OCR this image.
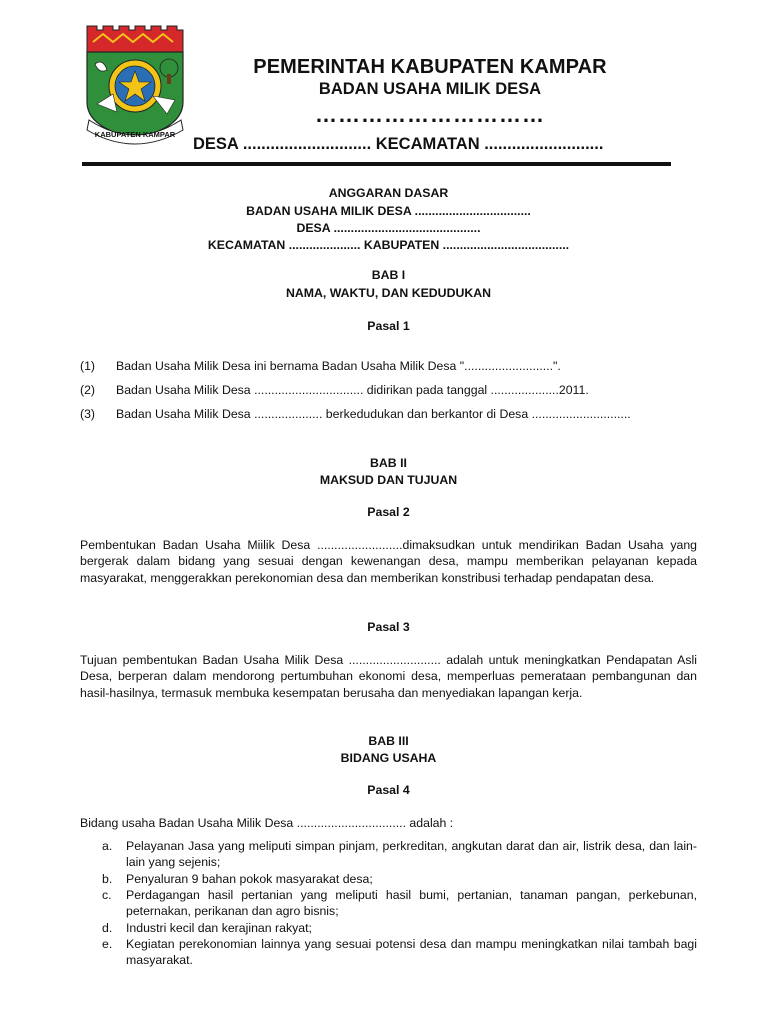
KABUPATEN KAMPAR
PEMERINTAH KABUPATEN KAMPAR
BADAN USAHA MILIK DESA
…………………………
DESA ............................ KECAMATAN ..........................
ANGGARAN DASAR
BADAN USAHA MILIK DESA ..................................
DESA ...........................................
KECAMATAN ..................... KABUPATEN .....................................
BAB I
NAMA, WAKTU, DAN KEDUDUKAN
Pasal 1
(1) Badan Usaha Milik Desa ini bernama Badan Usaha Milik Desa "..........................".
(2) Badan Usaha Milik Desa ................................ didirikan pada tanggal ....................2011.
(3) Badan Usaha Milik Desa .................... berkedudukan dan berkantor di Desa .............................
BAB II
MAKSUD DAN TUJUAN
Pasal 2

Pembentukan Badan Usaha Miilik Desa .........................dimaksudkan untuk mendirikan Badan Usaha yang bergerak dalam bidang yang sesuai dengan kewenangan desa, mampu memberikan pelayanan kepada masyarakat, menggerakkan perekonomian desa dan memberikan konstribusi terhadap pendapatan desa.

Pasal 3

Tujuan pembentukan Badan Usaha Milik Desa ........................... adalah untuk meningkatkan Pendapatan Asli Desa, berperan dalam mendorong pertumbuhan ekonomi desa, memperluas pemerataan pembangunan dan hasil-hasilnya, termasuk membuka kesempatan berusaha dan menyediakan lapangan kerja.

BAB III
BIDANG USAHA
Pasal 4
Bidang usaha Badan Usaha Milik Desa ................................ adalah :
a. Pelayanan Jasa yang meliputi simpan pinjam, perkreditan, angkutan darat dan air, listrik desa, dan lain-lain yang sejenis;
b. Penyaluran 9 bahan pokok masyarakat desa;
c. Perdagangan hasil pertanian yang meliputi hasil bumi, pertanian, tanaman pangan, perkebunan, peternakan, perikanan dan agro bisnis;
d. Industri kecil dan kerajinan rakyat;
e. Kegiatan perekonomian lainnya yang sesuai potensi desa dan mampu meningkatkan nilai tambah bagi masyarakat.
